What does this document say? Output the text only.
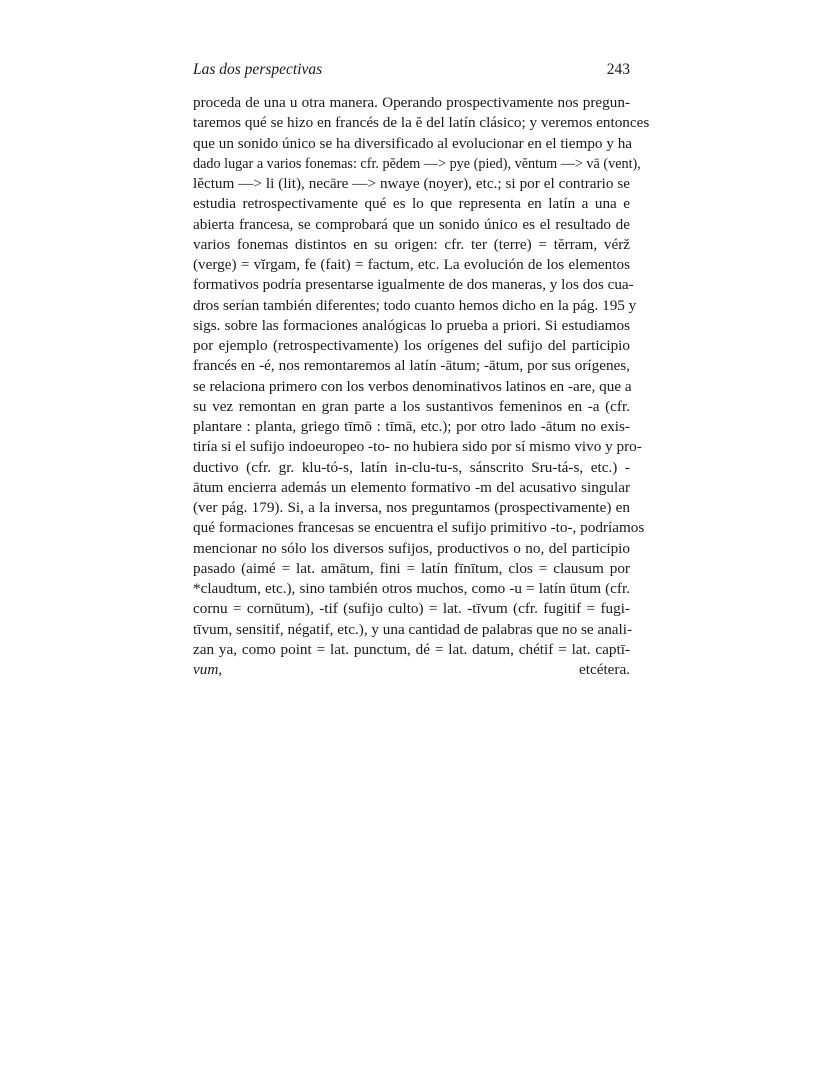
Las dos perspectivas	243
proceda de una u otra manera. Operando prospectivamente nos pregun-
taremos qué se hizo en francés de la ĕ del latín clásico; y veremos entonces
que un sonido único se ha diversificado al evolucionar en el tiempo y ha
dado lugar a varios fonemas: cfr. pĕdem —> pye (pied), vĕntum —> vā (vent),
lĕctum —> li (lit), necāre —> nwaye (noyer), etc.; si por el contrario se
estudia retrospectivamente qué es lo que representa en latín a una e
abierta francesa, se comprobará que un sonido único es el resultado de
varios fonemas distintos en su origen: cfr. ter (terre) = tĕrram, vérž
(verge) = vĭrgam, fe (fait) = factum, etc. La evolución de los elementos
formativos podría presentarse igualmente de dos maneras, y los dos cua-
dros serían también diferentes; todo cuanto hemos dicho en la pág. 195 y
sigs. sobre las formaciones analógicas lo prueba a priori. Si estudiamos
por ejemplo (retrospectivamente) los orígenes del sufijo del participio
francés en -é, nos remontaremos al latín -ātum; -ātum, por sus orígenes,
se relaciona primero con los verbos denominativos latinos en -are, que a
su vez remontan en gran parte a los sustantivos femeninos en -a (cfr.
plantare : planta, griego tīmō : tīmā, etc.); por otro lado -ātum no exis-
tiría si el sufijo indoeuropeo -to- no hubiera sido por sí mismo vivo y pro-
ductivo (cfr. gr. klu-tó-s, latín in-clu-tu-s, sánscrito Sru-tá-s, etc.) -
ātum encierra además un elemento formativo -m del acusativo singular
(ver pág. 179). Si, a la inversa, nos preguntamos (prospectivamente) en
qué formaciones francesas se encuentra el sufijo primitivo -to-, podríamos
mencionar no sólo los diversos sufijos, productivos o no, del participio
pasado (aimé = lat. amātum, fini = latín fīnītum, clos = clausum por
*claudtum, etc.), sino también otros muchos, como -u = latín ūtum (cfr.
cornu = cornūtum), -tif (sufijo culto) = lat. -tīvum (cfr. fugitif = fugi-
tīvum, sensitif, négatif, etc.), y una cantidad de palabras que no se anali-
zan ya, como point = lat. punctum, dé = lat. datum, chétif = lat. captī-
vum,	etcétera.
